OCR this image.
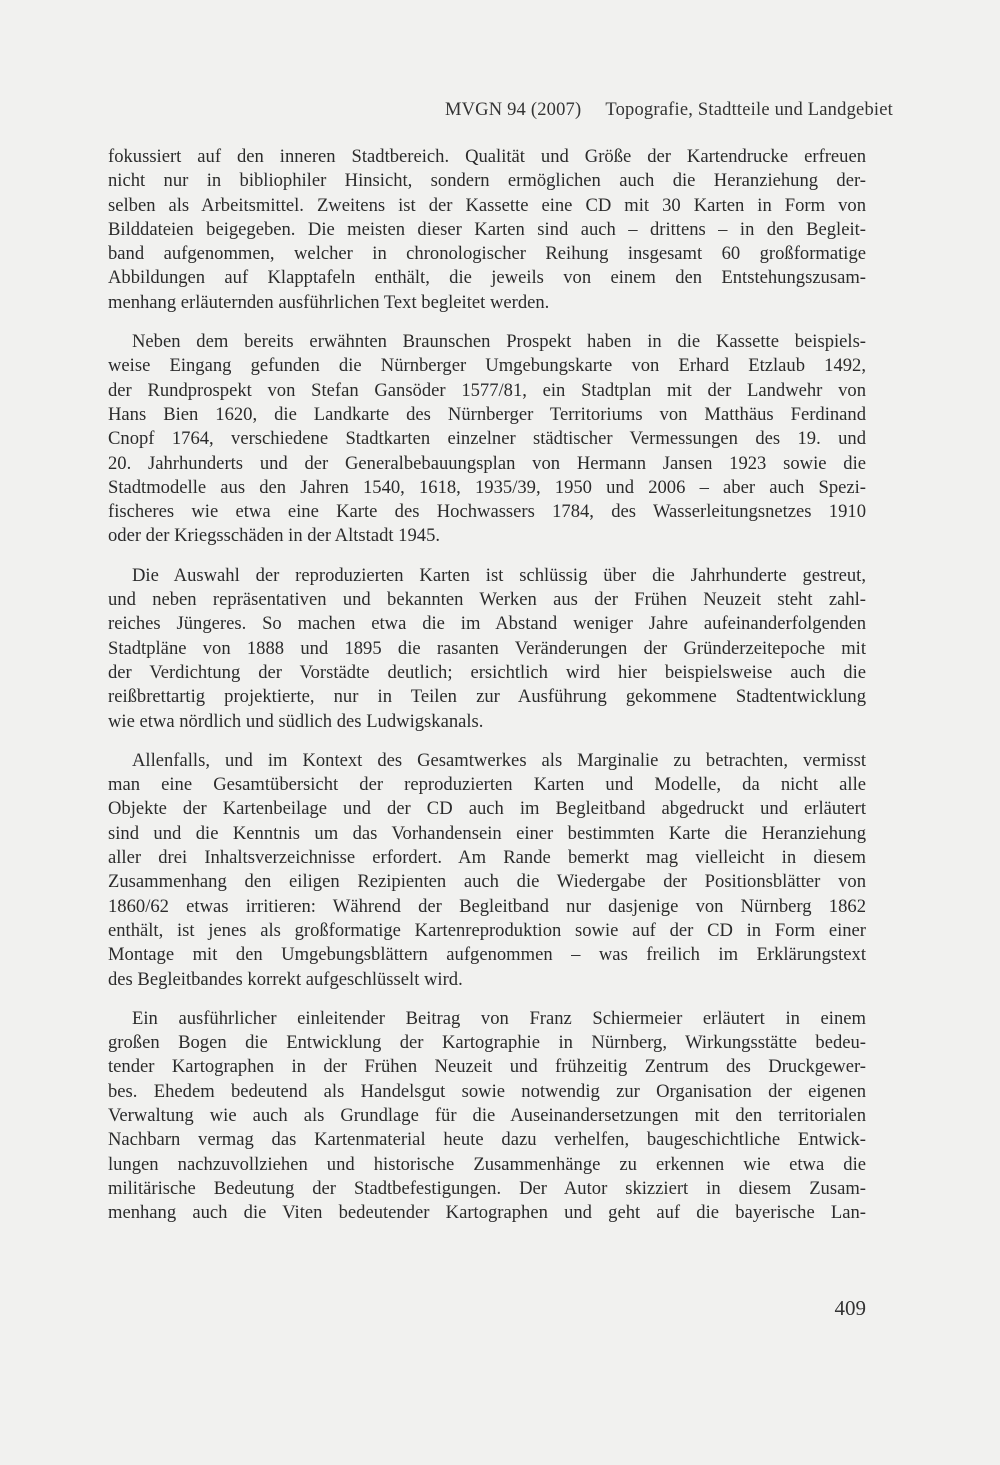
MVGN 94 (2007) Topografie, Stadtteile und Landgebiet

fokussiert auf den inneren Stadtbereich. Qualität und Größe der Kartendrucke erfreuen
nicht nur in bibliophiler Hinsicht, sondern ermöglichen auch die Heranziehung der-
selben als Arbeitsmittel. Zweitens ist der Kassette eine CD mit 30 Karten in Form von
Bilddateien beigegeben. Die meisten dieser Karten sind auch – drittens – in den Begleit-
band aufgenommen, welcher in chronologischer Reihung insgesamt 60 großformatige
Abbildungen auf Klapptafeln enthält, die jeweils von einem den Entstehungszusam-
menhang erläuternden ausführlichen Text begleitet werden.

Neben dem bereits erwähnten Braunschen Prospekt haben in die Kassette beispiels-
weise Eingang gefunden die Nürnberger Umgebungskarte von Erhard Etzlaub 1492,
der Rundprospekt von Stefan Gansöder 1577/81, ein Stadtplan mit der Landwehr von
Hans Bien 1620, die Landkarte des Nürnberger Territoriums von Matthäus Ferdinand
Cnopf 1764, verschiedene Stadtkarten einzelner städtischer Vermessungen des 19. und
20. Jahrhunderts und der Generalbebauungsplan von Hermann Jansen 1923 sowie die
Stadtmodelle aus den Jahren 1540, 1618, 1935/39, 1950 und 2006 – aber auch Spezi-
fischeres wie etwa eine Karte des Hochwassers 1784, des Wasserleitungsnetzes 1910
oder der Kriegsschäden in der Altstadt 1945.

Die Auswahl der reproduzierten Karten ist schlüssig über die Jahrhunderte gestreut,
und neben repräsentativen und bekannten Werken aus der Frühen Neuzeit steht zahl-
reiches Jüngeres. So machen etwa die im Abstand weniger Jahre aufeinanderfolgenden
Stadtpläne von 1888 und 1895 die rasanten Veränderungen der Gründerzeitepoche mit
der Verdichtung der Vorstädte deutlich; ersichtlich wird hier beispielsweise auch die
reißbrettartig projektierte, nur in Teilen zur Ausführung gekommene Stadtentwicklung
wie etwa nördlich und südlich des Ludwigskanals.

Allenfalls, und im Kontext des Gesamtwerkes als Marginalie zu betrachten, vermisst
man eine Gesamtübersicht der reproduzierten Karten und Modelle, da nicht alle
Objekte der Kartenbeilage und der CD auch im Begleitband abgedruckt und erläutert
sind und die Kenntnis um das Vorhandensein einer bestimmten Karte die Heranziehung
aller drei Inhaltsverzeichnisse erfordert. Am Rande bemerkt mag vielleicht in diesem
Zusammenhang den eiligen Rezipienten auch die Wiedergabe der Positionsblätter von
1860/62 etwas irritieren: Während der Begleitband nur dasjenige von Nürnberg 1862
enthält, ist jenes als großformatige Kartenreproduktion sowie auf der CD in Form einer
Montage mit den Umgebungsblättern aufgenommen – was freilich im Erklärungstext
des Begleitbandes korrekt aufgeschlüsselt wird.

Ein ausführlicher einleitender Beitrag von Franz Schiermeier erläutert in einem
großen Bogen die Entwicklung der Kartographie in Nürnberg, Wirkungsstätte bedeu-
tender Kartographen in der Frühen Neuzeit und frühzeitig Zentrum des Druckgewer-
bes. Ehedem bedeutend als Handelsgut sowie notwendig zur Organisation der eigenen
Verwaltung wie auch als Grundlage für die Auseinandersetzungen mit den territorialen
Nachbarn vermag das Kartenmaterial heute dazu verhelfen, baugeschichtliche Entwick-
lungen nachzuvollziehen und historische Zusammenhänge zu erkennen wie etwa die
militärische Bedeutung der Stadtbefestigungen. Der Autor skizziert in diesem Zusam-
menhang auch die Viten bedeutender Kartographen und geht auf die bayerische Lan-

409
